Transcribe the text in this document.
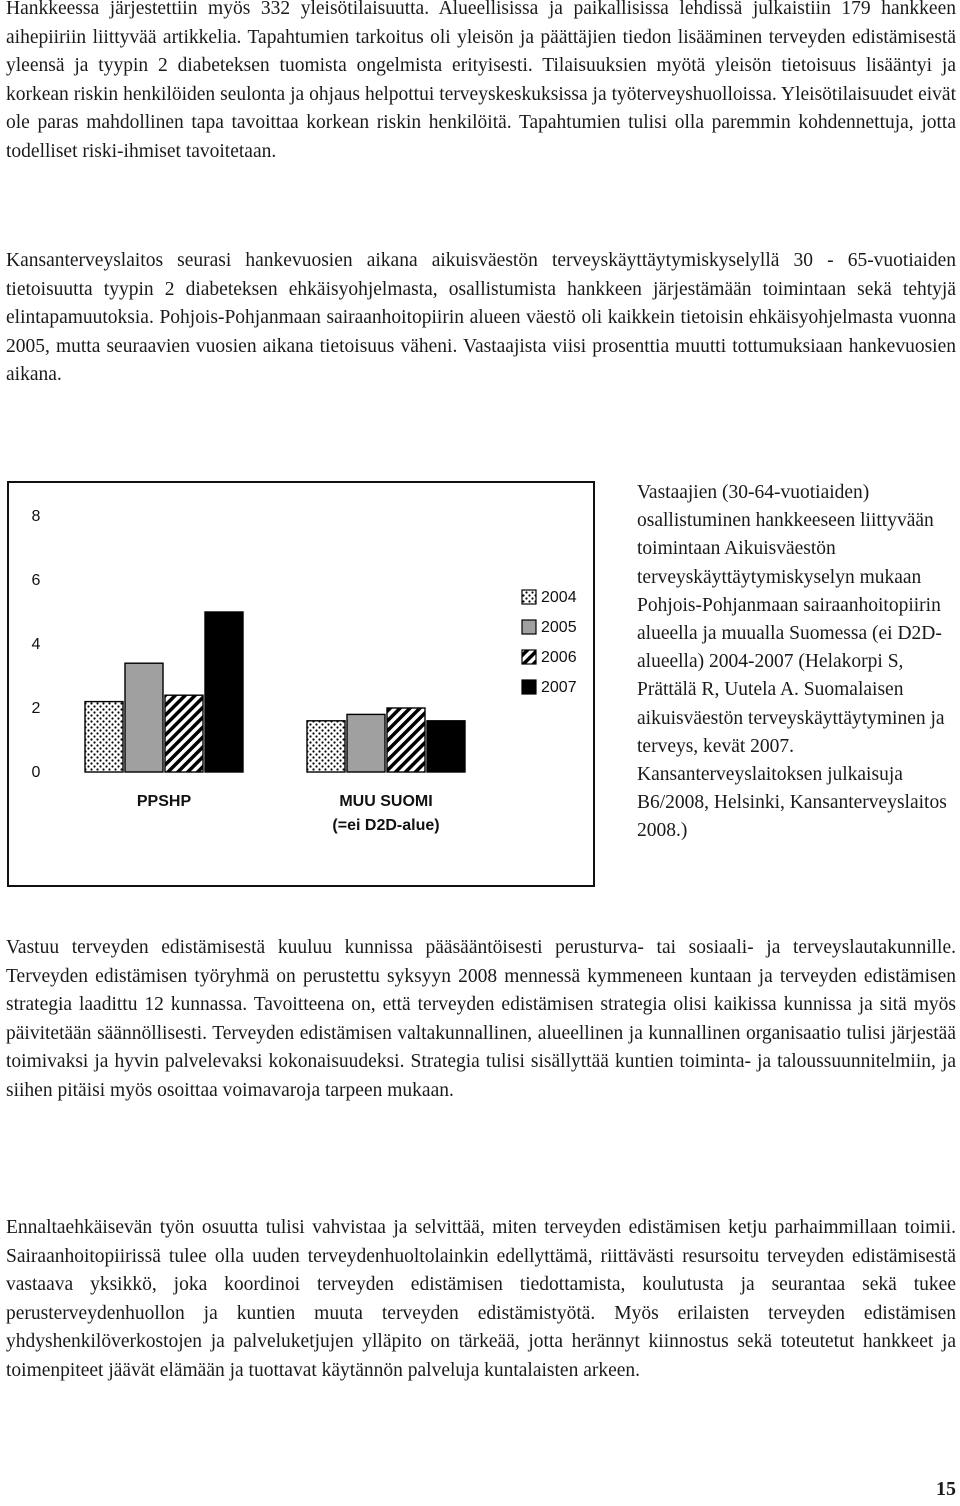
Hankkeessa järjestettiin myös 332 yleisötilaisuutta. Alueellisissa ja paikallisissa lehdissä julkaistiin 179 hankkeen aihepiiriin liittyvää artikkelia. Tapahtumien tarkoitus oli yleisön ja päättäjien tiedon lisääminen terveyden edistämisestä yleensä ja tyypin 2 diabeteksen tuomista ongelmista erityisesti. Tilaisuuksien myötä yleisön tietoisuus lisääntyi ja korkean riskin henkilöiden seulonta ja ohjaus helpottui terveyskeskuksissa ja työterveyshuolloissa. Yleisötilaisuudet eivät ole paras mahdollinen tapa tavoittaa korkean riskin henkilöitä. Tapahtumien tulisi olla paremmin kohdennettuja, jotta todelliset riski-ihmiset tavoitetaan.

Kansanterveyslaitos seurasi hankevuosien aikana aikuisväestön terveyskäyttäytymiskyselyllä 30 - 65-vuotiaiden tietoisuutta tyypin 2 diabeteksen ehkäisyohjelmasta, osallistumista hankkeen järjestämään toimintaan sekä tehtyjä elintapamuutoksia. Pohjois-Pohjanmaan sairaanhoitopiirin alueen väestö oli kaikkein tietoisin ehkäisyohjelmasta vuonna 2005, mutta seuraavien vuosien aikana tietoisuus väheni. Vastaajista viisi prosenttia muutti tottumuksiaan hankevuosien aikana.

0
2
4
6
8
PPSHP	MUU SUOMI
(=ei D2D-alue)
2004
2005
2006
2007

Vastaajien (30-64-vuotiaiden) osallistuminen hankkeeseen liittyvään toimintaan Aikuisväestön terveyskäyttäytymiskyselyn mukaan Pohjois-Pohjanmaan sairaanhoitopiirin alueella ja muualla Suomessa (ei D2D-alueella) 2004-2007 (Helakorpi S, Prättälä R, Uutela A. Suomalaisen aikuisväestön terveyskäyttäytyminen ja terveys, kevät 2007. Kansanterveyslaitoksen julkaisuja B6/2008, Helsinki, Kansanterveyslaitos 2008.)

Vastuu terveyden edistämisestä kuuluu kunnissa pääsääntöisesti perusturva- tai sosiaali- ja terveyslautakunnille. Terveyden edistämisen työryhmä on perustettu syksyyn 2008 mennessä kymmeneen kuntaan ja terveyden edistämisen strategia laadittu 12 kunnassa. Tavoitteena on, että terveyden edistämisen strategia olisi kaikissa kunnissa ja sitä myös päivitetään säännöllisesti. Terveyden edistämisen valtakunnallinen, alueellinen ja kunnallinen organisaatio tulisi järjestää toimivaksi ja hyvin palvelevaksi kokonaisuudeksi. Strategia tulisi sisällyttää kuntien toiminta- ja taloussuunnitelmiin, ja siihen pitäisi myös osoittaa voimavaroja tarpeen mukaan.

Ennaltaehkäisevän työn osuutta tulisi vahvistaa ja selvittää, miten terveyden edistämisen ketju parhaimmillaan toimii. Sairaanhoitopiirissä tulee olla uuden terveydenhuoltolainkin edellyttämä, riittävästi resursoitu terveyden edistämisestä vastaava yksikkö, joka koordinoi terveyden edistämisen tiedottamista, koulutusta ja seurantaa sekä tukee perusterveydenhuollon ja kuntien muuta terveyden edistämistyötä. Myös erilaisten terveyden edistämisen yhdyshenkilöverkostojen ja palveluketjujen ylläpito on tärkeää, jotta herännyt kiinnostus sekä toteutetut hankkeet ja toimenpiteet jäävät elämään ja tuottavat käytännön palveluja kuntalaisten arkeen.

15
